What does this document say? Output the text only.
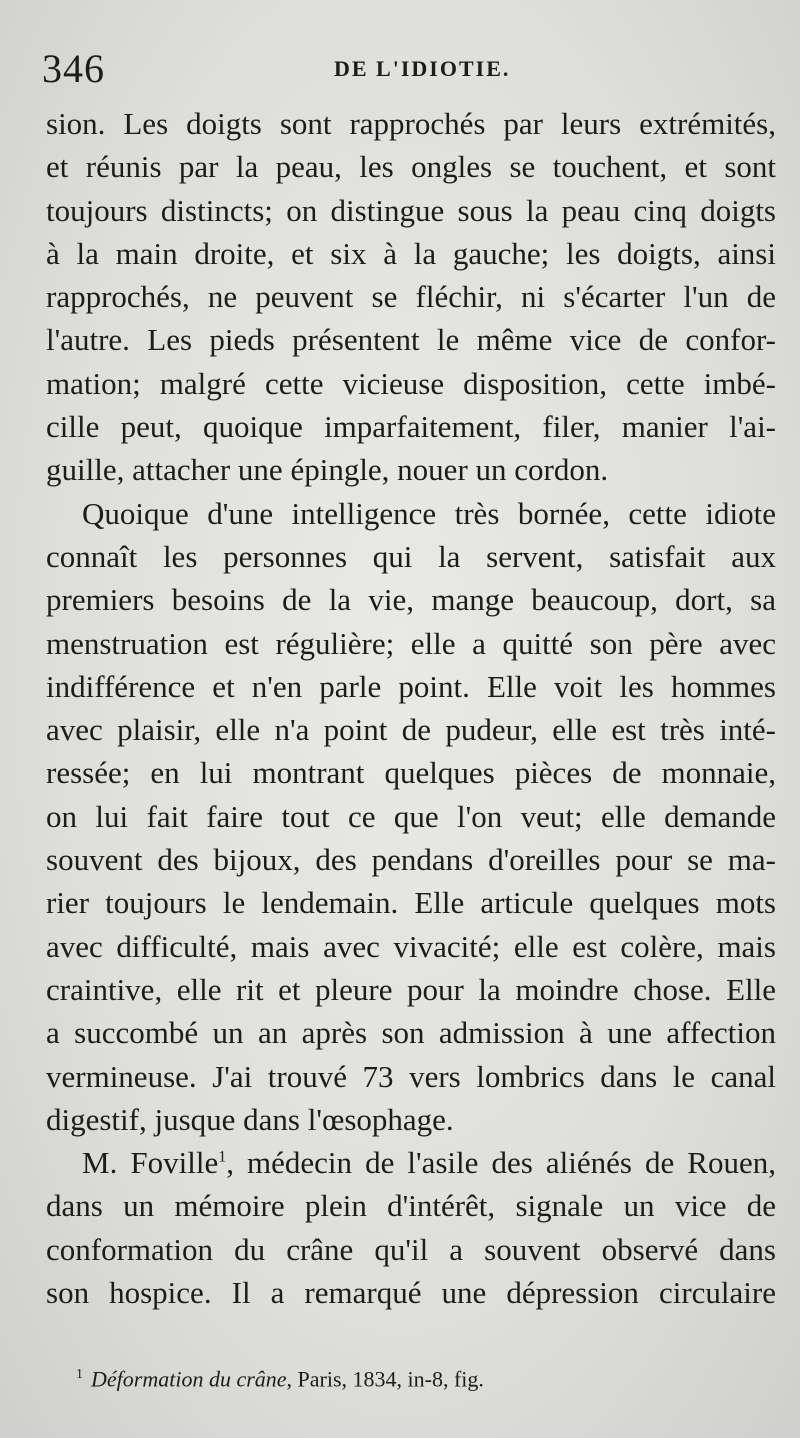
346	DE L'IDIOTIE.
sion. Les doigts sont rapprochés par leurs extrémités,
et réunis par la peau, les ongles se touchent, et sont
toujours distincts; on distingue sous la peau cinq doigts
à la main droite, et six à la gauche; les doigts, ainsi
rapprochés, ne peuvent se fléchir, ni s'écarter l'un de
l'autre. Les pieds présentent le même vice de confor-
mation; malgré cette vicieuse disposition, cette imbé-
cille peut, quoique imparfaitement, filer, manier l'ai-
guille, attacher une épingle, nouer un cordon.
Quoique d'une intelligence très bornée, cette idiote
connaît les personnes qui la servent, satisfait aux
premiers besoins de la vie, mange beaucoup, dort, sa
menstruation est régulière; elle a quitté son père avec
indifférence et n'en parle point. Elle voit les hommes
avec plaisir, elle n'a point de pudeur, elle est très inté-
ressée; en lui montrant quelques pièces de monnaie,
on lui fait faire tout ce que l'on veut; elle demande
souvent des bijoux, des pendans d'oreilles pour se ma-
rier toujours le lendemain. Elle articule quelques mots
avec difficulté, mais avec vivacité; elle est colère, mais
craintive, elle rit et pleure pour la moindre chose. Elle
a succombé un an après son admission à une affection
vermineuse. J'ai trouvé 73 vers lombrics dans le canal
digestif, jusque dans l'œsophage.
M. Foville$^1$, médecin de l'asile des aliénés de Rouen,
dans un mémoire plein d'intérêt, signale un vice de
conformation du crâne qu'il a souvent observé dans
son hospice. Il a remarqué une dépression circulaire
$^1$ Déformation du crâne, Paris, 1834, in-8, fig.
